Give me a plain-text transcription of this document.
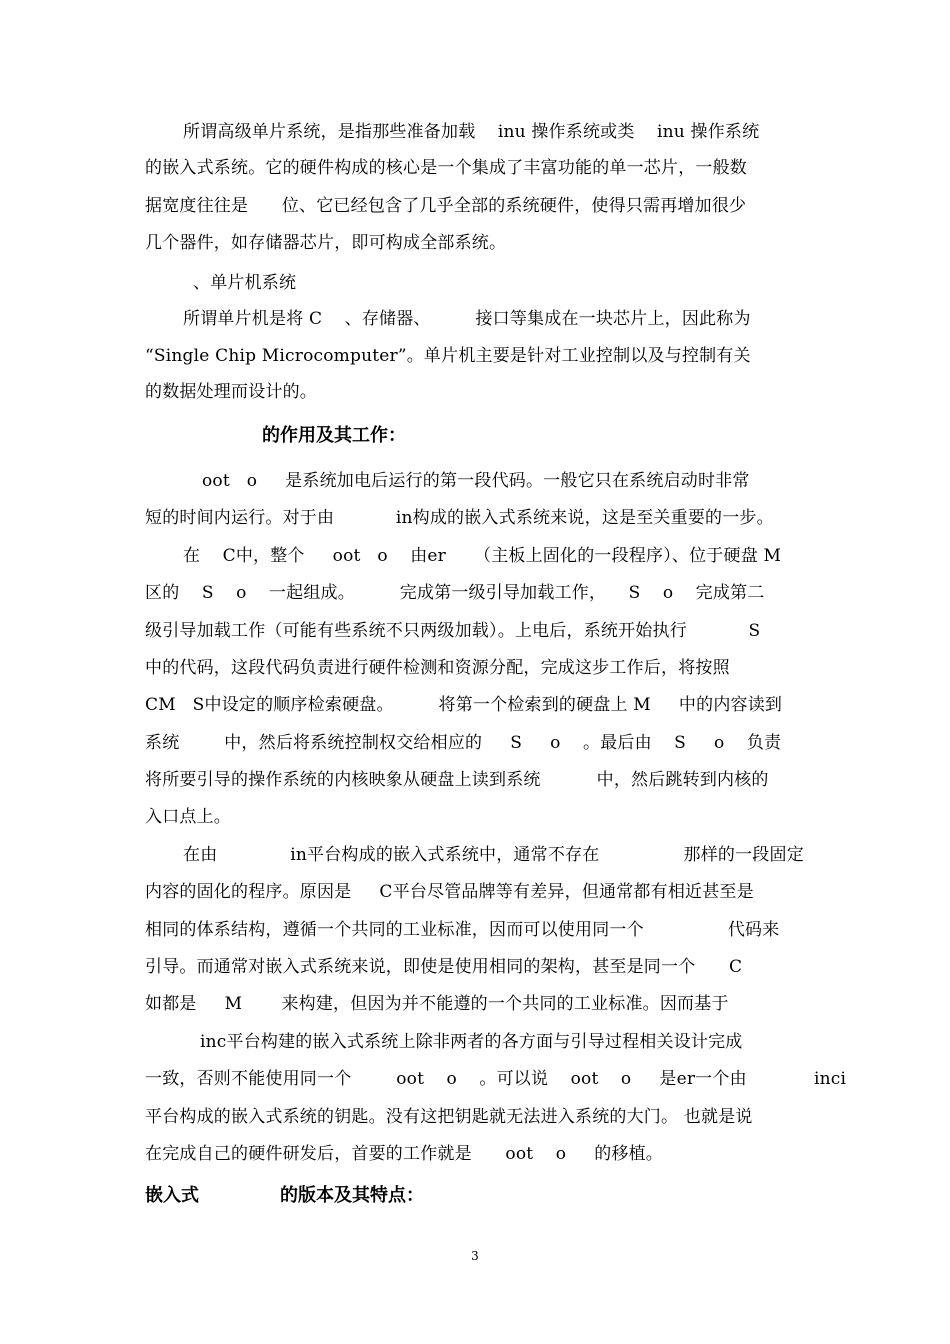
所谓高级单片系统，是指那些准备加载    inu 操作系统或类    inu 操作系统
的嵌入式系统。它的硬件构成的核心是一个集成了丰富功能的单一芯片，一般数
据宽度往往是      位、它已经包含了几乎全部的系统硬件，使得只需再增加很少
几个器件，如存储器芯片，即可构成全部系统。
、单片机系统
所谓单片机是将 C    、存储器、        接口等集成在一块芯片上，因此称为
“Single Chip Microcomputer”。单片机主要是针对工业控制以及与控制有关
的数据处理而设计的。
的作用及其工作：
oot   o     是系统加电后运行的第一段代码。一般它只在系统启动时非常
短的时间内运行。对于由           in构成的嵌入式系统来说，这是至关重要的一步。
在    C中，整个     oot   o    由er     （主板上固化的一段程序）、位于硬盘 M
区的    S    o    一起组成。        完成第一级引导加载工作，    S    o    完成第二
级引导加载工作（可能有些系统不只两级加载）。上电后，系统开始执行           S
中的代码，这段代码负责进行硬件检测和资源分配，完成这步工作后，将按照
CM   S中设定的顺序检索硬盘。        将第一个检索到的硬盘上 M     中的内容读到
系统        中，然后将系统控制权交给相应的     S     o    。最后由    S     o    负责
将所要引导的操作系统的内核映象从硬盘上读到系统          中，然后跳转到内核的
入口点上。
在由             in平台构成的嵌入式系统中，通常不存在               那样的一段固定
内容的固化的程序。原因是     C平台尽管品牌等有差异，但通常都有相近甚至是
相同的体系结构，遵循一个共同的工业标准，因而可以使用同一个               代码来
引导。而通常对嵌入式系统来说，即使是使用相同的架构，甚至是同一个      C
如都是     M       来构建，但因为并不能遵的一个共同的工业标准。因而基于
inc平台构建的嵌入式系统上除非两者的各方面与引导过程相关设计完成
一致，否则不能使用同一个        oot    o    。可以说    oot    o     是er一个由            inci
平台构成的嵌入式系统的钥匙。没有这把钥匙就无法进入系统的大门。 也就是说
在完成自己的硬件研发后，首要的工作就是      oot    o     的移植。
嵌入式	的版本及其特点：
3
